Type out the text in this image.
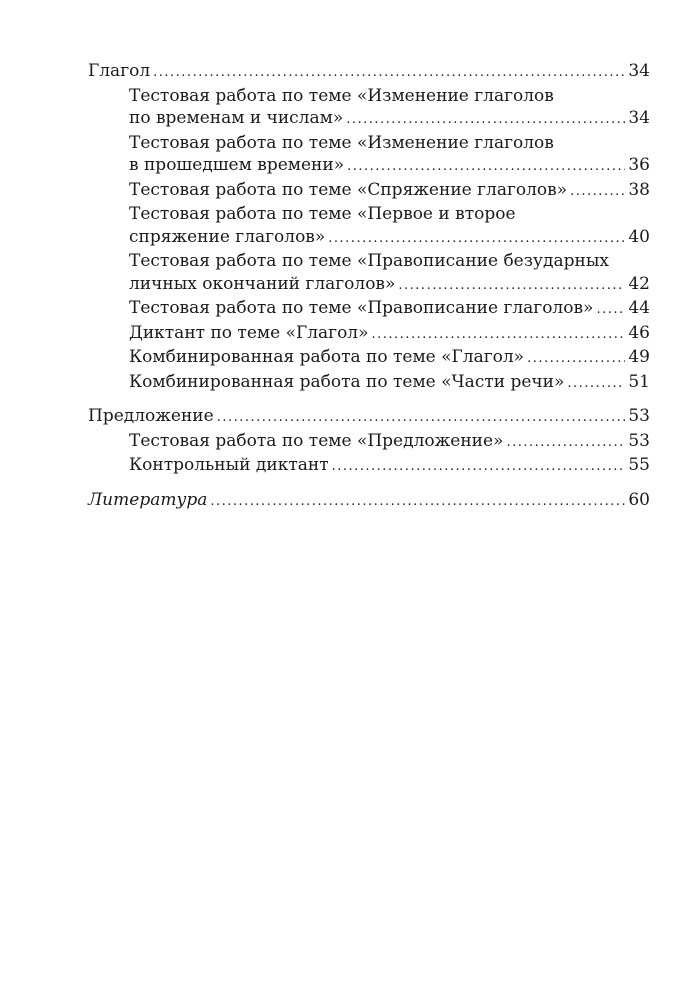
Глагол .....	34
Тестовая работа по теме «Изменение глаголов
по временам и числам» .....	34
Тестовая работа по теме «Изменение глаголов
в прошедшем времени» .....	36
Тестовая работа по теме «Спряжение глаголов» .....	38
Тестовая работа по теме «Первое и второе
спряжение глаголов» .....	40
Тестовая работа по теме «Правописание безударных
личных окончаний глаголов» .....	42
Тестовая работа по теме «Правописание глаголов» ..... 44
Диктант по теме «Глагол» .....	46
Комбинированная работа по теме «Глагол» .....	49
Комбинированная работа по теме «Части речи» .....	51
Предложение .....	53
Тестовая работа по теме «Предложение» .....	53
Контрольный диктант .....	55
Литература .....	60
